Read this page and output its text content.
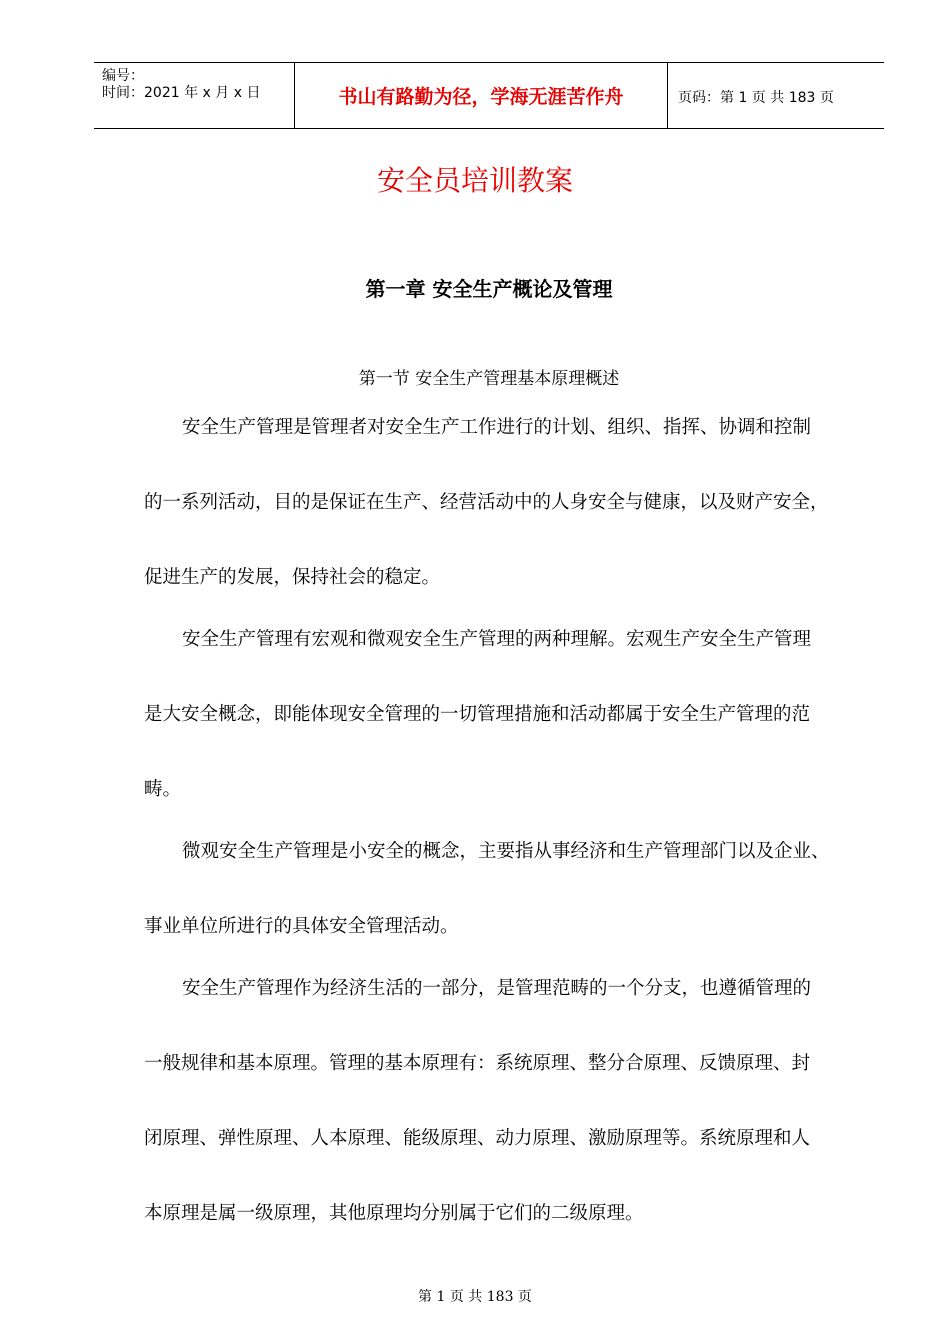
编号：
时间：2021 年 x 月 x 日	书山有路勤为径，学海无涯苦作舟	页码：第 1 页 共 183 页
安全员培训教案
第一章 安全生产概论及管理
第一节 安全生产管理基本原理概述
安全生产管理是管理者对安全生产工作进行的计划、组织、指挥、协调和控制
的一系列活动，目的是保证在生产、经营活动中的人身安全与健康，以及财产安全，
促进生产的发展，保持社会的稳定。
安全生产管理有宏观和微观安全生产管理的两种理解。宏观生产安全生产管理
是大安全概念，即能体现安全管理的一切管理措施和活动都属于安全生产管理的范
畴。
微观安全生产管理是小安全的概念，主要指从事经济和生产管理部门以及企业、
事业单位所进行的具体安全管理活动。
安全生产管理作为经济生活的一部分，是管理范畴的一个分支，也遵循管理的
一般规律和基本原理。管理的基本原理有：系统原理、整分合原理、反馈原理、封
闭原理、弹性原理、人本原理、能级原理、动力原理、激励原理等。系统原理和人
本原理是属一级原理，其他原理均分别属于它们的二级原理。
第 1 页 共 183 页
